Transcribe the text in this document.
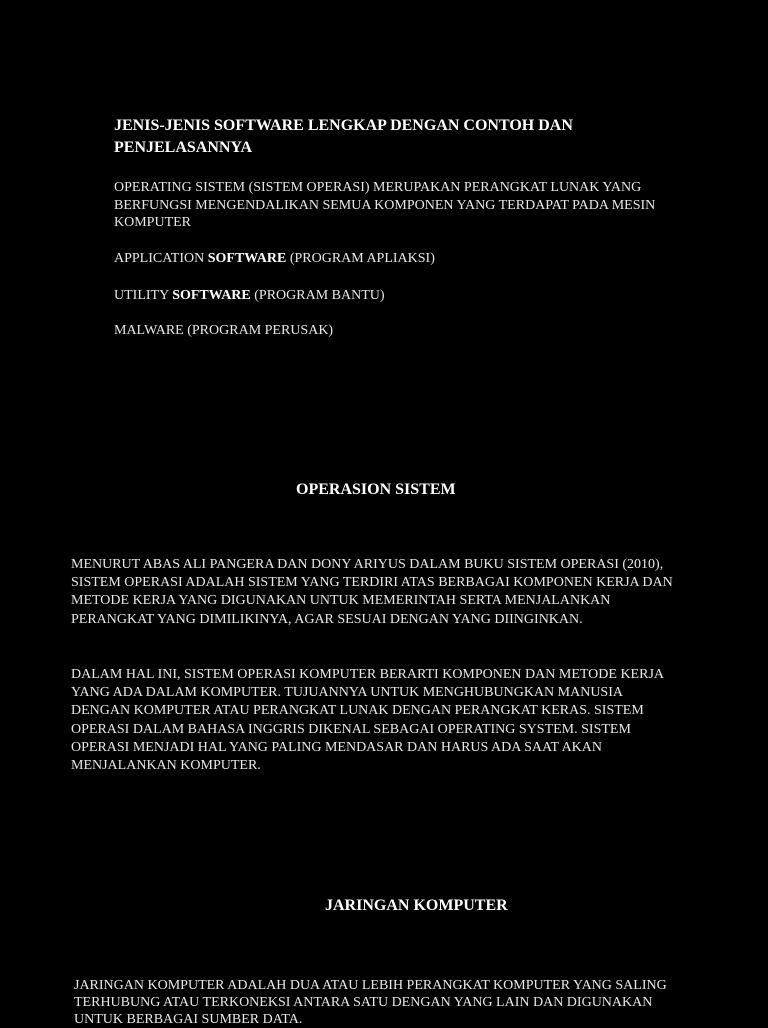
JENIS-JENIS SOFTWARE LENGKAP DENGAN CONTOH DAN PENJELASANNYA
OPERATING SISTEM (SISTEM OPERASI) MERUPAKAN PERANGKAT LUNAK YANG BERFUNGSI MENGENDALIKAN SEMUA KOMPONEN YANG TERDAPAT PADA MESIN KOMPUTER
APPLICATION SOFTWARE (PROGRAM APLIAKSI)
UTILITY SOFTWARE (PROGRAM BANTU)
MALWARE (PROGRAM PERUSAK)
OPERASION SISTEM
MENURUT ABAS ALI PANGERA DAN DONY ARIYUS DALAM BUKU SISTEM OPERASI (2010), SISTEM OPERASI ADALAH SISTEM YANG TERDIRI ATAS BERBAGAI KOMPONEN KERJA DAN METODE KERJA YANG DIGUNAKAN UNTUK MEMERINTAH SERTA MENJALANKAN PERANGKAT YANG DIMILIKINYA, AGAR SESUAI DENGAN YANG DIINGINKAN.
DALAM HAL INI, SISTEM OPERASI KOMPUTER BERARTI KOMPONEN DAN METODE KERJA YANG ADA DALAM KOMPUTER. TUJUANNYA UNTUK MENGHUBUNGKAN MANUSIA DENGAN KOMPUTER ATAU PERANGKAT LUNAK DENGAN PERANGKAT KERAS. SISTEM OPERASI DALAM BAHASA INGGRIS DIKENAL SEBAGAI OPERATING SYSTEM. SISTEM OPERASI MENJADI HAL YANG PALING MENDASAR DAN HARUS ADA SAAT AKAN MENJALANKAN KOMPUTER.
JARINGAN KOMPUTER
JARINGAN KOMPUTER ADALAH DUA ATAU LEBIH PERANGKAT KOMPUTER YANG SALING TERHUBUNG ATAU TERKONEKSI ANTARA SATU DENGAN YANG LAIN DAN DIGUNAKAN UNTUK BERBAGAI SUMBER DATA.
